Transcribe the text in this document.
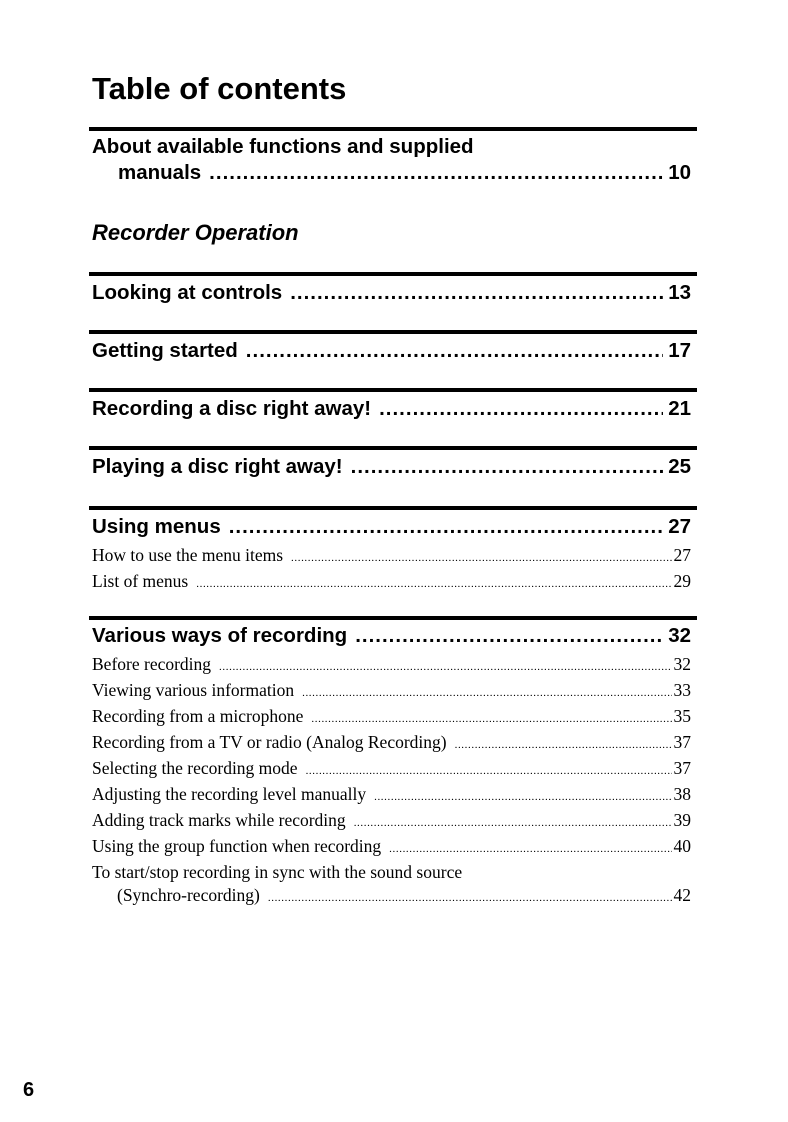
Table of contents
About available functions and supplied
manuals .....	10
Recorder Operation
Looking at controls .....	13
Getting started .....	17
Recording a disc right away! .....	21
Playing a disc right away! .....	25
Using menus .....	27
How to use the menu items .....	27
List of menus .....	29
Various ways of recording .....	32
Before recording .....	32
Viewing various information .....	33
Recording from a microphone .....	35
Recording from a TV or radio (Analog Recording) .....	37
Selecting the recording mode .....	37
Adjusting the recording level manually .....	38
Adding track marks while recording .....	39
Using the group function when recording .....	40
To start/stop recording in sync with the sound source
(Synchro-recording) .....	42
6
